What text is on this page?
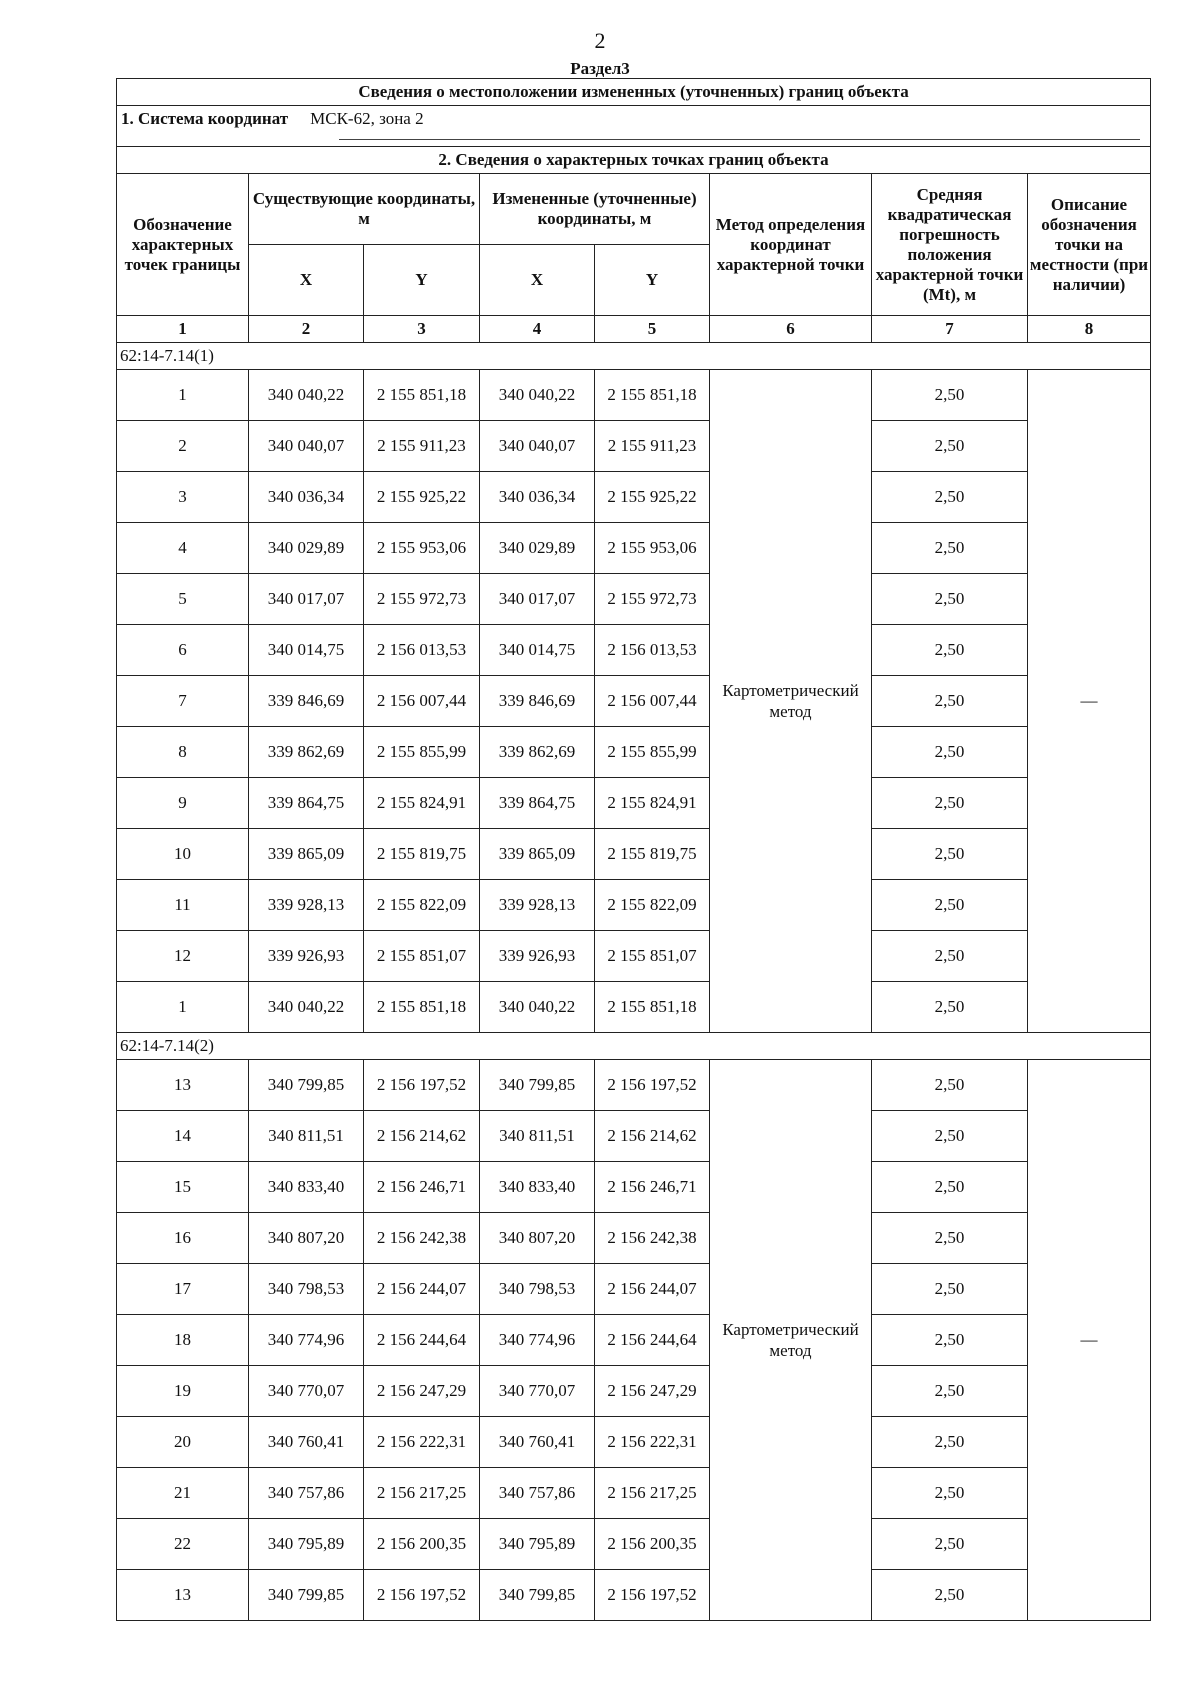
2
Раздел3
Сведения о местоположении измененных (уточненных) границ объекта							

1. Система координат МСК-62, зона 2							

2. Сведения о характерных точках границ объекта							
Обозначение характерных точек границы	Существующие координаты, м		Измененные (уточненные) координаты, м		Метод определения координат характерной точки	Средняя квадратическая погрешность положения характерной точки (Mt), м	Описание обозначения точки на местности (при наличии)
	X	Y	X	Y			
1	2	3	4	5	6	7	8
62:14-7.14(1)							
1	340 040,22	2 155 851,18	340 040,22	2 155 851,18	Картометрический метод	2,50	—
2	340 040,07	2 155 911,23	340 040,07	2 155 911,23		2,50	
3	340 036,34	2 155 925,22	340 036,34	2 155 925,22		2,50	
4	340 029,89	2 155 953,06	340 029,89	2 155 953,06		2,50	
5	340 017,07	2 155 972,73	340 017,07	2 155 972,73		2,50	
6	340 014,75	2 156 013,53	340 014,75	2 156 013,53		2,50	
7	339 846,69	2 156 007,44	339 846,69	2 156 007,44		2,50	
8	339 862,69	2 155 855,99	339 862,69	2 155 855,99		2,50	
9	339 864,75	2 155 824,91	339 864,75	2 155 824,91		2,50	
10	339 865,09	2 155 819,75	339 865,09	2 155 819,75		2,50	
11	339 928,13	2 155 822,09	339 928,13	2 155 822,09		2,50	
12	339 926,93	2 155 851,07	339 926,93	2 155 851,07		2,50	
1	340 040,22	2 155 851,18	340 040,22	2 155 851,18		2,50	
62:14-7.14(2)							
13	340 799,85	2 156 197,52	340 799,85	2 156 197,52	Картометрический метод	2,50	—
14	340 811,51	2 156 214,62	340 811,51	2 156 214,62		2,50	
15	340 833,40	2 156 246,71	340 833,40	2 156 246,71		2,50	
16	340 807,20	2 156 242,38	340 807,20	2 156 242,38		2,50	
17	340 798,53	2 156 244,07	340 798,53	2 156 244,07		2,50	
18	340 774,96	2 156 244,64	340 774,96	2 156 244,64		2,50	
19	340 770,07	2 156 247,29	340 770,07	2 156 247,29		2,50	
20	340 760,41	2 156 222,31	340 760,41	2 156 222,31		2,50	
21	340 757,86	2 156 217,25	340 757,86	2 156 217,25		2,50	
22	340 795,89	2 156 200,35	340 795,89	2 156 200,35		2,50	
13	340 799,85	2 156 197,52	340 799,85	2 156 197,52		2,50	
